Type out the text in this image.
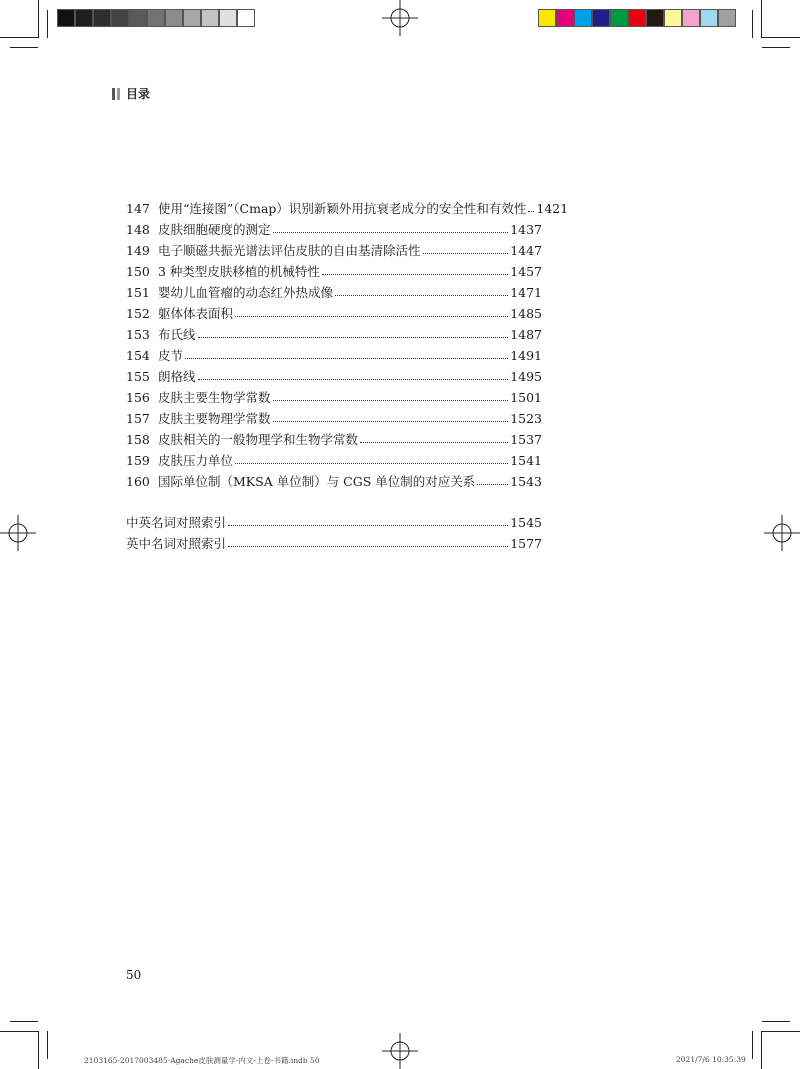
目录
147 使用“连接图”（Cmap）识别新颖外用抗衰老成分的安全性和有效性 1421
148 皮肤细胞硬度的测定	1437
149 电子顺磁共振光谱法评估皮肤的自由基清除活性	1447
150 3 种类型皮肤移植的机械特性	1457
151 婴幼儿血管瘤的动态红外热成像	1471
152 躯体体表面积	1485
153 布氏线	1487
154 皮节	1491
155 朗格线	1495
156 皮肤主要生物学常数	1501
157 皮肤主要物理学常数	1523
158 皮肤相关的一般物理学和生物学常数	1537
159 皮肤压力单位	1541
160 国际单位制（MKSA 单位制）与 CGS 单位制的对应关系	1543
中英名词对照索引	1545
英中名词对照索引	1577
50
2103165-2017003485-Agache皮肤测量学-内文-上卷-书籍.indb 50	2021/7/6 10:35:39
